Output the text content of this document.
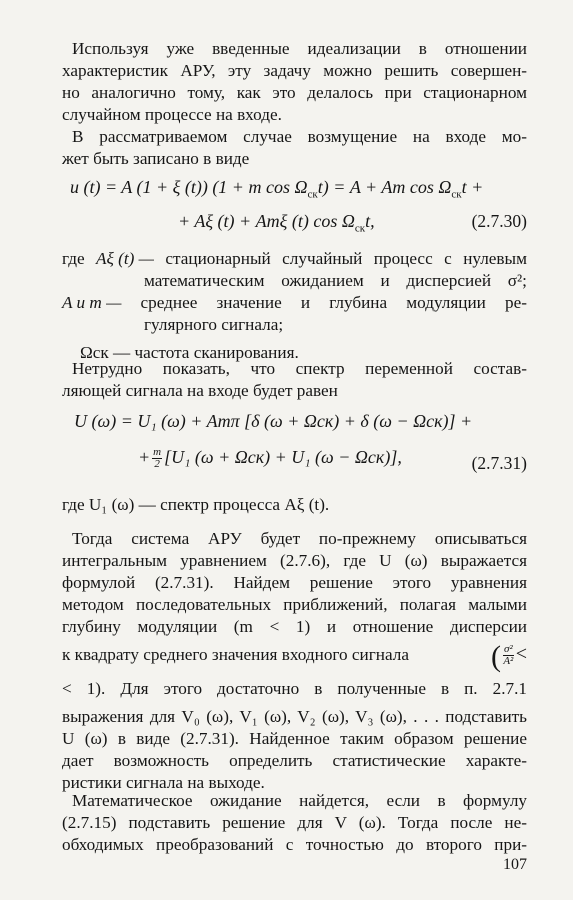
Используя уже введенные идеализации в отношении
характеристик АРУ, эту задачу можно решить совершен-
но аналогично тому, как это делалось при стационарном
случайном процессе на входе.
В рассматриваемом случае возмущение на входе мо-
жет быть записано в виде
u (t) = A (1 + ξ (t)) (1 + m $\cos \Omega_{ск}t) = A + Am$ $\cos \Omega_{ск}t$ +
+ Aξ (t) + Amξ (t) $\cos \Omega_{ск}t$,	(2.7.30)
где Aξ (t) — стационарный случайный процесс с нулевым
математическим ожиданием и дисперсией σ²;
A и m — среднее значение и глубина модуляции ре-
гулярного сигнала;
Ωск — частота сканирования.
Нетрудно показать, что спектр переменной состав-
ляющей сигнала на входе будет равен
U (ω) = U₁ (ω) + Amπ [δ (ω + Ωск) + δ (ω − Ωск)] +
+ $\frac{m}{2} [U_1$ (ω + Ωск) + U₁ (ω − Ωск)],	(2.7.31)
где U₁ (ω) — спектр процесса Aξ (t).
Тогда система АРУ будет по-прежнему описываться
интегральным уравнением (2.7.6), где U (ω) выражается
формулой (2.7.31). Найдем решение этого уравнения
методом последовательных приближений, полагая малыми
глубину модуляции (m < 1) и отношение дисперсии
к квадрату среднего значения входного сигнала	( $\frac{\text{σ²}}{\text{A²}}$ <
< 1). Для этого достаточно в полученные в п. 2.7.1
выражения для V₀ (ω), V₁ (ω), V₂ (ω), V₃ (ω), . . . подставить
U (ω) в виде (2.7.31). Найденное таким образом решение
дает возможность определить статистические характе-
ристики сигнала на выходе.
Математическое ожидание найдется, если в формулу
(2.7.15) подставить решение для V (ω). Тогда после не-
обходимых преобразований с точностью до второго при-
107
